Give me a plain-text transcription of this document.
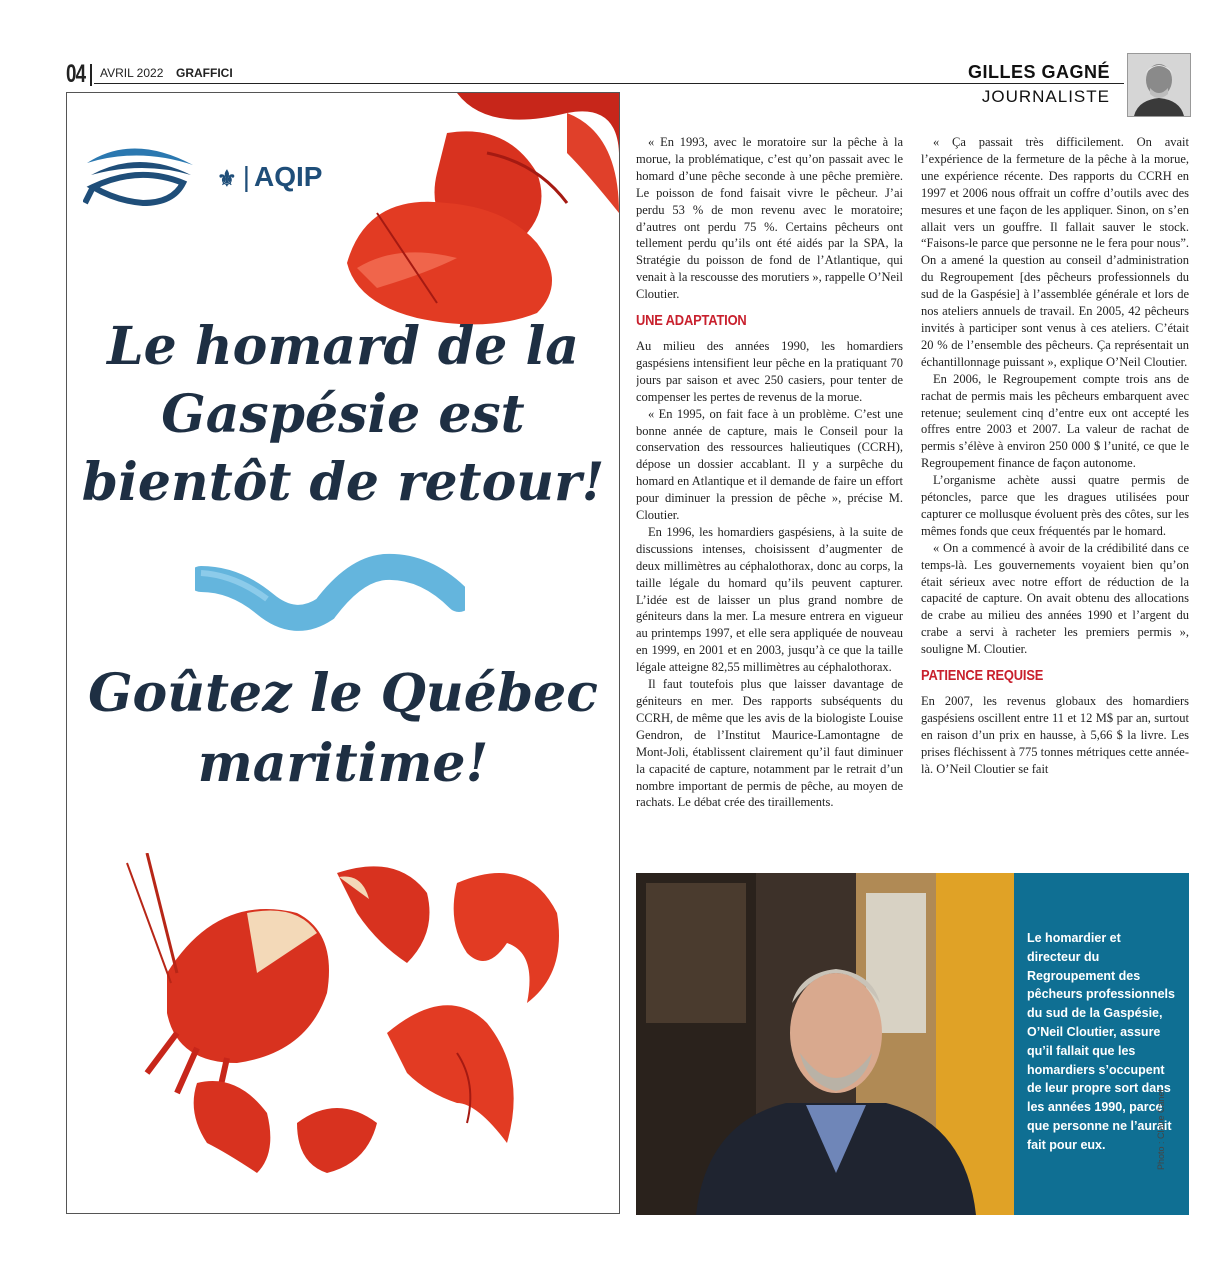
04 AVRIL 2022 GRAFFICI	GILLES GAGNÉ
JOURNALISTE
⚜ | AQIP
Le homard de la Gaspésie est bientôt de retour!
Goûtez le Québec maritime!

« En 1993, avec le moratoire sur la pêche à la morue, la problématique, c’est qu’on passait avec le homard d’une pêche seconde à une pêche première. Le poisson de fond faisait vivre le pêcheur. J’ai perdu 53 % de mon revenu avec le moratoire; d’autres ont perdu 75 %. Certains pêcheurs ont tellement perdu qu’ils ont été aidés par la SPA, la Stratégie du poisson de fond de l’Atlantique, qui venait à la rescousse des morutiers », rappelle O’Neil Cloutier.

UNE ADAPTATION

Au milieu des années 1990, les homardiers gaspésiens intensifient leur pêche en la pratiquant 70 jours par saison et avec 250 casiers, pour tenter de compenser les pertes de revenus de la morue.

« En 1995, on fait face à un problème. C’est une bonne année de capture, mais le Conseil pour la conservation des ressources halieutiques (CCRH), dépose un dossier accablant. Il y a surpêche du homard en Atlantique et il demande de faire un effort pour diminuer la pression de pêche », précise M. Cloutier.

En 1996, les homardiers gaspésiens, à la suite de discussions intenses, choisissent d’augmenter de deux millimètres au céphalothorax, donc au corps, la taille légale du homard qu’ils peuvent capturer. L’idée est de laisser un plus grand nombre de géniteurs dans la mer. La mesure entrera en vigueur au printemps 1997, et elle sera appliquée de nouveau en 1999, en 2001 et en 2003, jusqu’à ce que la taille légale atteigne 82,55 millimètres au céphalothorax.

Il faut toutefois plus que laisser davantage de géniteurs en mer. Des rapports subséquents du CCRH, de même que les avis de la biologiste Louise Gendron, de l’Institut Maurice-Lamontagne de Mont-Joli, établissent clairement qu’il faut diminuer la capacité de capture, notamment par le retrait d’un nombre important de permis de pêche, au moyen de rachats. Le débat crée des tiraillements.

« Ça passait très difficilement. On avait l’expérience de la fermeture de la pêche à la morue, une expérience récente. Des rapports du CCRH en 1997 et 2006 nous offrait un coffre d’outils avec des mesures et une façon de les appliquer. Sinon, on s’en allait vers un gouffre. Il fallait sauver le stock. “Faisons-le parce que personne ne le fera pour nous”. On a amené la question au conseil d’administration du Regroupement [des pêcheurs professionnels du sud de la Gaspésie] à l’assemblée générale et lors de nos ateliers annuels de travail. En 2005, 42 pêcheurs invités à participer sont venus à ces ateliers. C’était 20 % de l’ensemble des pêcheurs. Ça représentait un échantillonnage puissant », explique O’Neil Cloutier.

En 2006, le Regroupement compte trois ans de rachat de permis mais les pêcheurs embarquent avec retenue; seulement cinq d’entre eux ont accepté les offres entre 2003 et 2007. La valeur de rachat de permis s’élève à environ 250 000 $ l’unité, ce que le Regroupement finance de façon autonome.

L’organisme achète aussi quatre permis de pétoncles, parce que les dragues utilisées pour capturer ce mollusque évoluent près des côtes, sur les mêmes fonds que ceux fréquentés par le homard.

« On a commencé à avoir de la crédibilité dans ce temps-là. Les gouvernements voyaient bien qu’on était sérieux avec notre effort de réduction de la capacité de capture. On avait obtenu des allocations de crabe au milieu des années 1990 et l’argent du crabe a servi à racheter les premiers permis », souligne M. Cloutier.

PATIENCE REQUISE

En 2007, les revenus globaux des homardiers gaspésiens oscillent entre 11 et 12 M$ par an, surtout en raison d’un prix en hausse, à 5,66 $ la livre. Les prises fléchissent à 775 tonnes métriques cette année-là. O’Neil Cloutier se fait

Le homardier et directeur du Regroupement des pêcheurs professionnels du sud de la Gaspésie, O’Neil Cloutier, assure qu’il fallait que les homardiers s’occupent de leur propre sort dans les années 1990, parce que personne ne l’aurait fait pour eux.	Photo : Claire Canet
